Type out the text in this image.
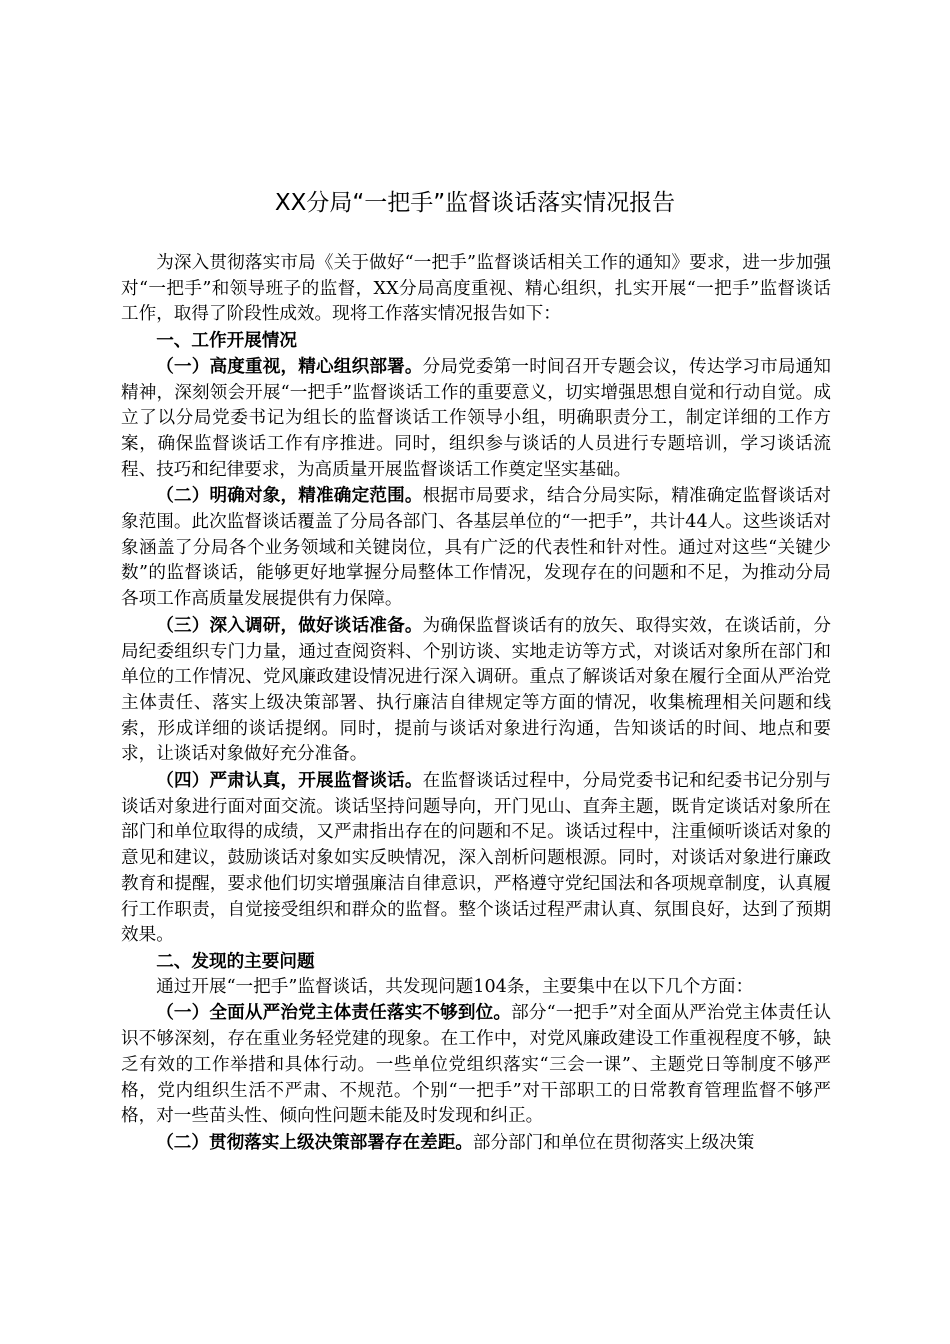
XX分局“一把手”监督谈话落实情况报告

为深入贯彻落实市局《关于做好“一把手”监督谈话相关工作的通知》要求，进一步加强对“一把手”和领导班子的监督，XX分局高度重视、精心组织，扎实开展“一把手”监督谈话工作，取得了阶段性成效。现将工作落实情况报告如下：

一、工作开展情况

（一）高度重视，精心组织部署。分局党委第一时间召开专题会议，传达学习市局通知精神，深刻领会开展“一把手”监督谈话工作的重要意义，切实增强思想自觉和行动自觉。成立了以分局党委书记为组长的监督谈话工作领导小组，明确职责分工，制定详细的工作方案，确保监督谈话工作有序推进。同时，组织参与谈话的人员进行专题培训，学习谈话流程、技巧和纪律要求，为高质量开展监督谈话工作奠定坚实基础。

（二）明确对象，精准确定范围。根据市局要求，结合分局实际，精准确定监督谈话对象范围。此次监督谈话覆盖了分局各部门、各基层单位的“一把手”，共计44人。这些谈话对象涵盖了分局各个业务领域和关键岗位，具有广泛的代表性和针对性。通过对这些“关键少数”的监督谈话，能够更好地掌握分局整体工作情况，发现存在的问题和不足，为推动分局各项工作高质量发展提供有力保障。

（三）深入调研，做好谈话准备。为确保监督谈话有的放矢、取得实效，在谈话前，分局纪委组织专门力量，通过查阅资料、个别访谈、实地走访等方式，对谈话对象所在部门和单位的工作情况、党风廉政建设情况进行深入调研。重点了解谈话对象在履行全面从严治党主体责任、落实上级决策部署、执行廉洁自律规定等方面的情况，收集梳理相关问题和线索，形成详细的谈话提纲。同时，提前与谈话对象进行沟通，告知谈话的时间、地点和要求，让谈话对象做好充分准备。

（四）严肃认真，开展监督谈话。在监督谈话过程中，分局党委书记和纪委书记分别与谈话对象进行面对面交流。谈话坚持问题导向，开门见山、直奔主题，既肯定谈话对象所在部门和单位取得的成绩，又严肃指出存在的问题和不足。谈话过程中，注重倾听谈话对象的意见和建议，鼓励谈话对象如实反映情况，深入剖析问题根源。同时，对谈话对象进行廉政教育和提醒，要求他们切实增强廉洁自律意识，严格遵守党纪国法和各项规章制度，认真履行工作职责，自觉接受组织和群众的监督。整个谈话过程严肃认真、氛围良好，达到了预期效果。

二、发现的主要问题

通过开展“一把手”监督谈话，共发现问题104条，主要集中在以下几个方面：

（一）全面从严治党主体责任落实不够到位。部分“一把手”对全面从严治党主体责任认识不够深刻，存在重业务轻党建的现象。在工作中，对党风廉政建设工作重视程度不够，缺乏有效的工作举措和具体行动。一些单位党组织落实“三会一课”、主题党日等制度不够严格，党内组织生活不严肃、不规范。个别“一把手”对干部职工的日常教育管理监督不够严格，对一些苗头性、倾向性问题未能及时发现和纠正。

（二）贯彻落实上级决策部署存在差距。部分部门和单位在贯彻落实上级决策
